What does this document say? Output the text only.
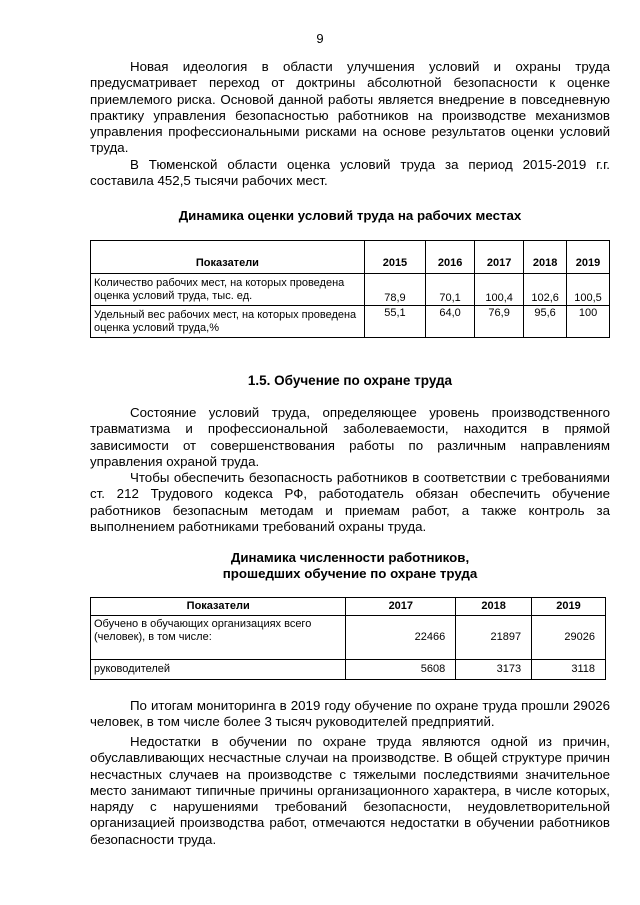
9

Новая идеология в области улучшения условий и охраны труда предусматривает переход от доктрины абсолютной безопасности к оценке приемлемого риска. Основой данной работы является внедрение в повседневную практику управления безопасностью работников на производстве механизмов управления профессиональными рисками на основе результатов оценки условий труда.

В Тюменской области оценка условий труда за период 2015-2019 г.г. составила 452,5 тысячи рабочих мест.

Динамика оценки условий труда на рабочих местах

Показатели	2015	2016	2017	2018	2019
Количество рабочих мест, на которых проведена оценка условий труда, тыс. ед.	78,9	70,1	100,4	102,6	100,5
Удельный вес рабочих мест, на которых проведена оценка условий труда,%	55,1	64,0	76,9	95,6	100

1.5. Обучение по охране труда

Состояние условий труда, определяющее уровень производственного травматизма и профессиональной заболеваемости, находится в прямой зависимости от совершенствования работы по различным направлениям управления охраной труда.

Чтобы обеспечить безопасность работников в соответствии с требованиями ст. 212 Трудового кодекса РФ, работодатель обязан обеспечить обучение работников безопасным методам и приемам работ, а также контроль за выполнением работниками требований охраны труда.

Динамика численности работников,

прошедших обучение по охране труда

Показатели	2017	2018	2019
Обучено в обучающих организациях всего (человек), в том числе:	22466	21897	29026
руководителей	5608	3173	3118

По итогам мониторинга в 2019 году обучение по охране труда прошли 29026 человек, в том числе более 3 тысяч руководителей предприятий.

Недостатки в обучении по охране труда являются одной из причин, обуславливающих несчастные случаи на производстве. В общей структуре причин несчастных случаев на производстве с тяжелыми последствиями значительное место занимают типичные причины организационного характера, в числе которых, наряду с нарушениями требований безопасности, неудовлетворительной организацией производства работ, отмечаются недостатки в обучении работников безопасности труда.
